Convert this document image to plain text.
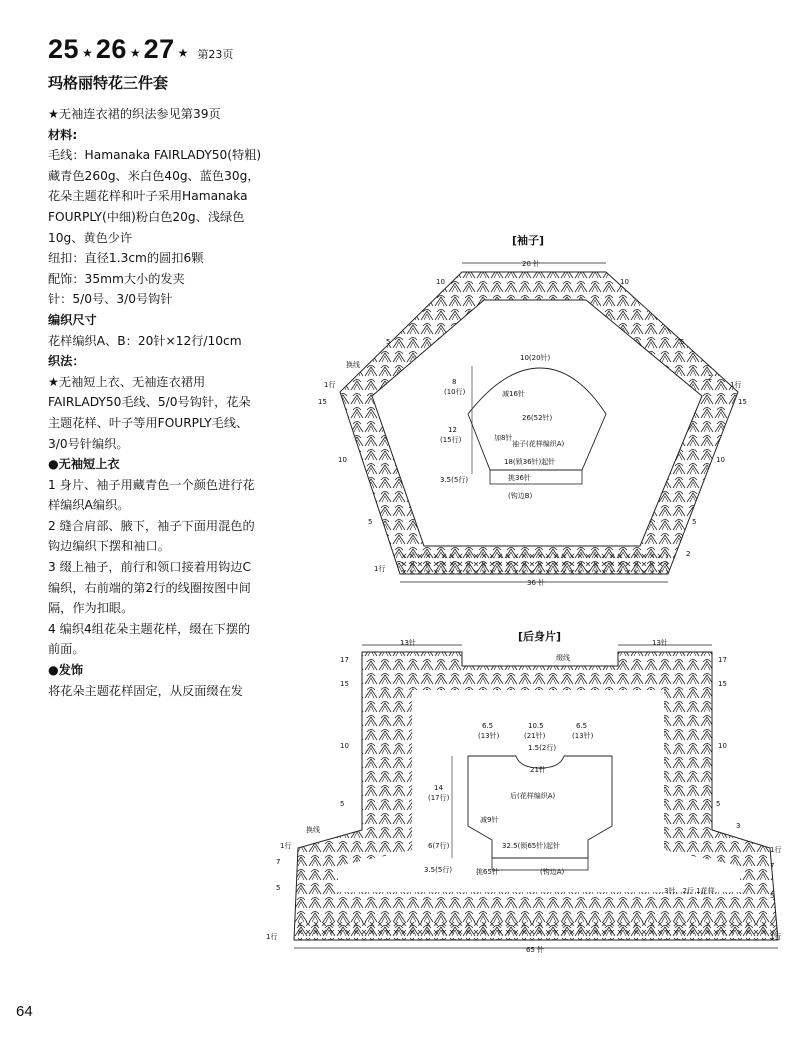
25 ★ 26 ★ 27 ★ 第23页
玛格丽特花三件套

★无袖连衣裙的织法参见第39页

材料:

毛线：Hamanaka FAIRLADY50(特粗)

藏青色260g、米白色40g、蓝色30g，

花朵主题花样和叶子采用Hamanaka

FOURPLY(中细)粉白色20g、浅绿色

10g、黄色少许

纽扣：直径1.3cm的圆扣6颗

配饰：35mm大小的发夹

针：5/0号、3/0号钩针

编织尺寸

花样编织A、B：20针×12行/10cm

织法：

★无袖短上衣、无袖连衣裙用

FAIRLADY50毛线、5/0号钩针，花朵

主题花样、叶子等用FOURPLY毛线、

3/0号针编织。

●无袖短上衣

1 身片、袖子用藏青色一个颜色进行花

样编织A编织。

2 缝合肩部、腋下，袖子下面用混色的

钩边编织下摆和袖口。

3 缀上袖子，前行和领口接着用钩边C

编织，右前端的第2行的线圈按图中间

隔，作为扣眼。

4 编织4组花朵主题花样，缀在下摆的

前面。

●发饰

将花朵主题花样固定，从反面缀在发

[袖子]
20 针
36 针
10	10
5	5
2
1行
1行
15	15
10	10
5	5
2
1行
换线
10(20针)
减16针
8
(10行)
12
(15行)
26(52针)
加8针
袖子(花样编织A)
18(锁36针)起针
3.5(5行)	挑36针
(钩边B)
[后身片]
13针	13针
65 针
缀线
换线
17
15
10
5
1行
7
5
1行
17
15
10
5
3
1行
7
5
1行
3针、2行 1花样
6.5
(13针)
10.5
(21针)
6.5
(13针)
1.5(2行)
21针
14
(17行)	后(花样编织A)
减9针
6(7行)	32.5(锁65针)起针
3.5(5行)	挑65针	(钩边A)
64
